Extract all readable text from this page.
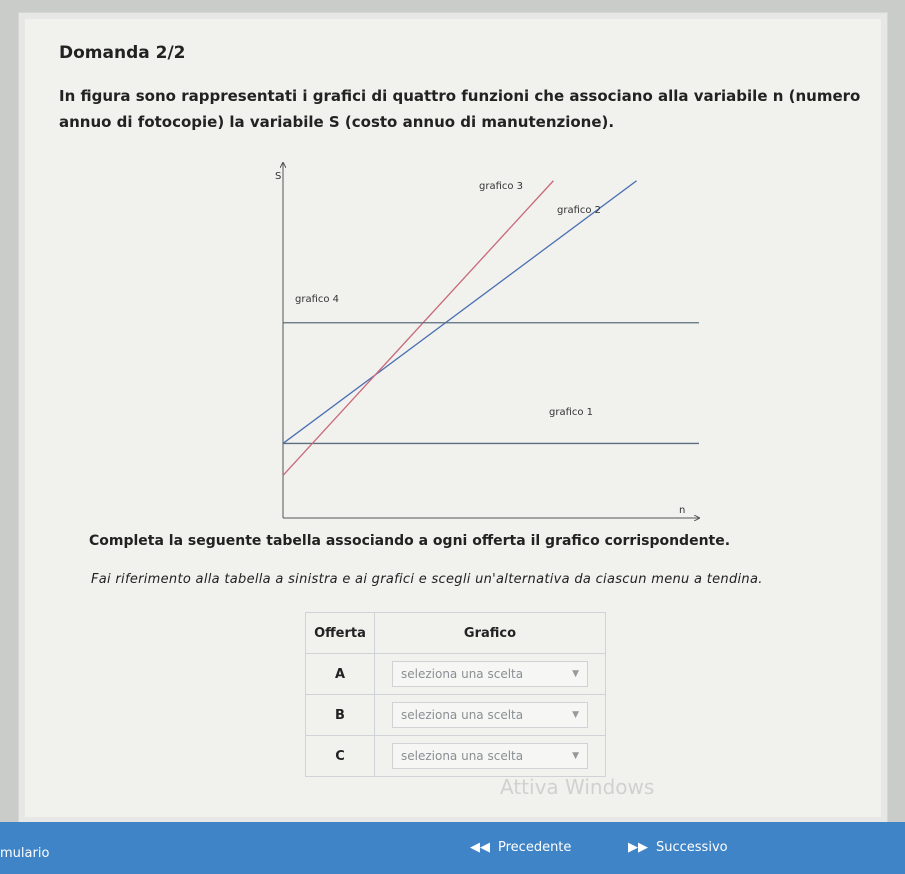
Domanda 2/2
In figura sono rappresentati i grafici di quattro funzioni che associano alla variabile n (numero annuo di fotocopie) la variabile S (costo annuo di manutenzione).
S
n
grafico 1
grafico 2
grafico 3
grafico 4
Completa la seguente tabella associando a ogni offerta il grafico corrispondente.
Fai riferimento alla tabella a sinistra e ai grafici e scegli un'alternativa da ciascun menu a tendina.
Offerta	Grafico
A	seleziona una scelta ▼

B	seleziona una scelta ▼

C	seleziona una scelta ▼
Attiva Windows
mulario	◀◀ Precedente	▶▶ Successivo
